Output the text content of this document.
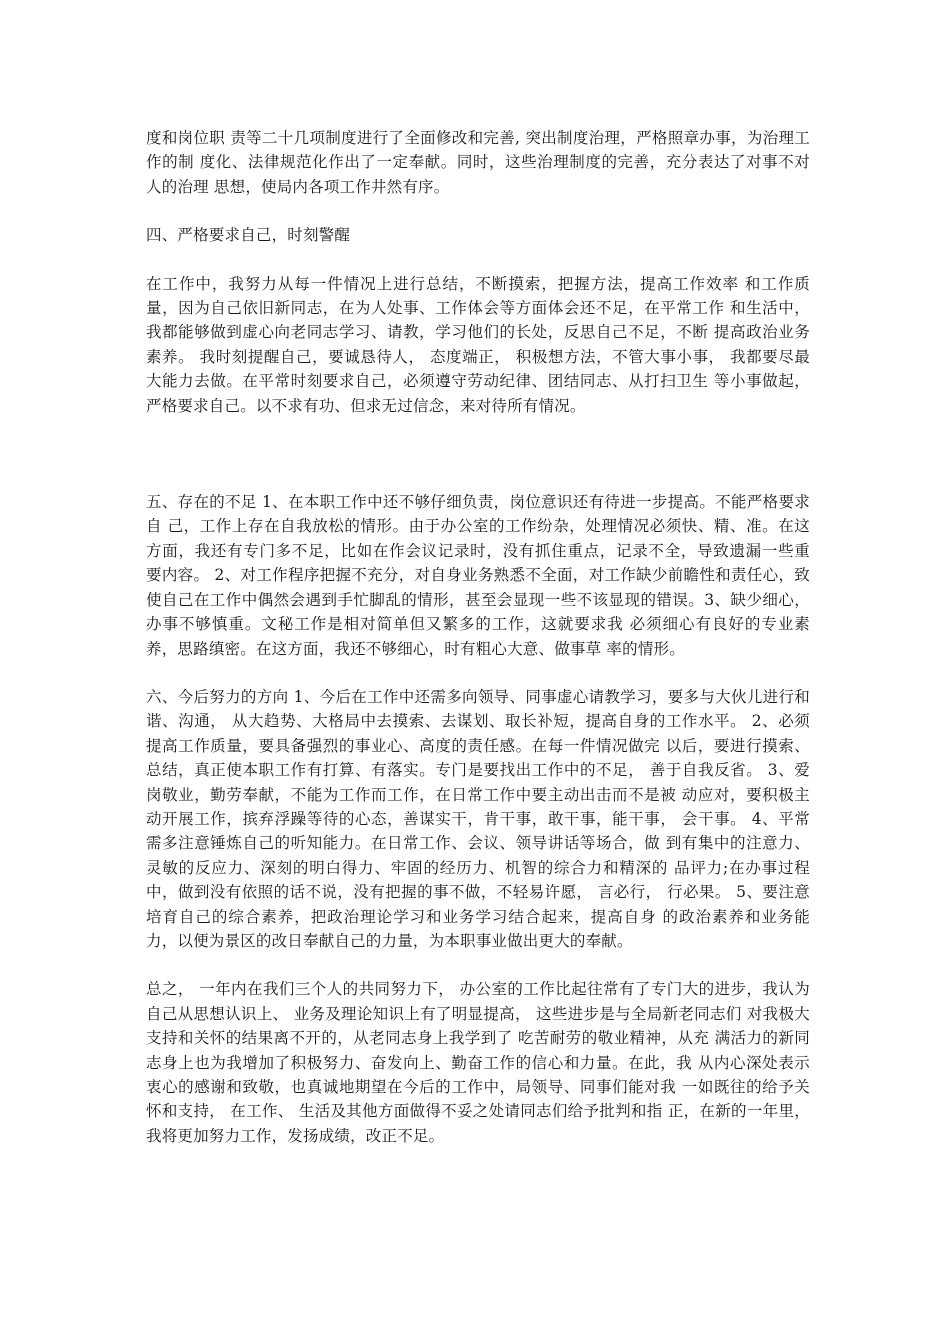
度和岗位职 责等二十几项制度进行了全面修改和完善, 突出制度治理，严格照章办事，为治理工作的制 度化、法律规范化作出了一定奉献。同时，这些治理制度的完善，充分表达了对事不对人的治理 思想，使局内各项工作井然有序。

四、严格要求自己，时刻警醒

在工作中，我努力从每一件情况上进行总结，不断摸索，把握方法，提高工作效率 和工作质量，因为自己依旧新同志，在为人处事、工作体会等方面体会还不足，在平常工作 和生活中，我都能够做到虚心向老同志学习、请教，学习他们的长处，反思自己不足，不断 提高政治业务素养。 我时刻提醒自己，要诚恳待人， 态度端正， 积极想方法，不管大事小事， 我都要尽最大能力去做。在平常时刻要求自己，必须遵守劳动纪律、团结同志、从打扫卫生 等小事做起，严格要求自己。以不求有功、但求无过信念，来对待所有情况。

五、存在的不足 1、在本职工作中还不够仔细负责，岗位意识还有待进一步提高。不能严格要求自 己，工作上存在自我放松的情形。由于办公室的工作纷杂，处理情况必须快、精、准。在这 方面，我还有专门多不足，比如在作会议记录时，没有抓住重点，记录不全，导致遗漏一些重 要内容。 2、对工作程序把握不充分，对自身业务熟悉不全面，对工作缺少前瞻性和责任心，致使自己在工作中偶然会遇到手忙脚乱的情形，甚至会显现一些不该显现的错误。3、缺少细心，办事不够慎重。文秘工作是相对简单但又繁多的工作，这就要求我 必须细心有良好的专业素养，思路缜密。在这方面，我还不够细心，时有粗心大意、做事草 率的情形。

六、今后努力的方向 1、今后在工作中还需多向领导、同事虚心请教学习，要多与大伙儿进行和谐、沟通， 从大趋势、大格局中去摸索、去谋划、取长补短，提高自身的工作水平。 2、必须提高工作质量，要具备强烈的事业心、高度的责任感。在每一件情况做完 以后，要进行摸索、总结，真正使本职工作有打算、有落实。专门是要找出工作中的不足， 善于自我反省。 3、爱岗敬业，勤劳奉献，不能为工作而工作，在日常工作中要主动出击而不是被 动应对，要积极主动开展工作，摈弃浮躁等待的心态，善谋实干，肯干事，敢干事，能干事， 会干事。 4、平常需多注意锤炼自己的听知能力。在日常工作、会议、领导讲话等场合，做 到有集中的注意力、灵敏的反应力、深刻的明白得力、牢固的经历力、机智的综合力和精深的 品评力;在办事过程中，做到没有依照的话不说，没有把握的事不做，不轻易许愿， 言必行， 行必果。 5、要注意培育自己的综合素养，把政治理论学习和业务学习结合起来，提高自身 的政治素养和业务能力，以便为景区的改日奉献自己的力量，为本职事业做出更大的奉献。

总之， 一年内在我们三个人的共同努力下， 办公室的工作比起往常有了专门大的进步，我认为自己从思想认识上、 业务及理论知识上有了明显提高， 这些进步是与全局新老同志们 对我极大支持和关怀的结果离不开的，从老同志身上我学到了 吃苦耐劳的敬业精神，从充 满活力的新同志身上也为我增加了积极努力、奋发向上、勤奋工作的信心和力量。在此，我 从内心深处表示衷心的感谢和致敬，也真诚地期望在今后的工作中，局领导、同事们能对我 一如既往的给予关怀和支持， 在工作、 生活及其他方面做得不妥之处请同志们给予批判和指 正，在新的一年里，我将更加努力工作，发扬成绩，改正不足。
